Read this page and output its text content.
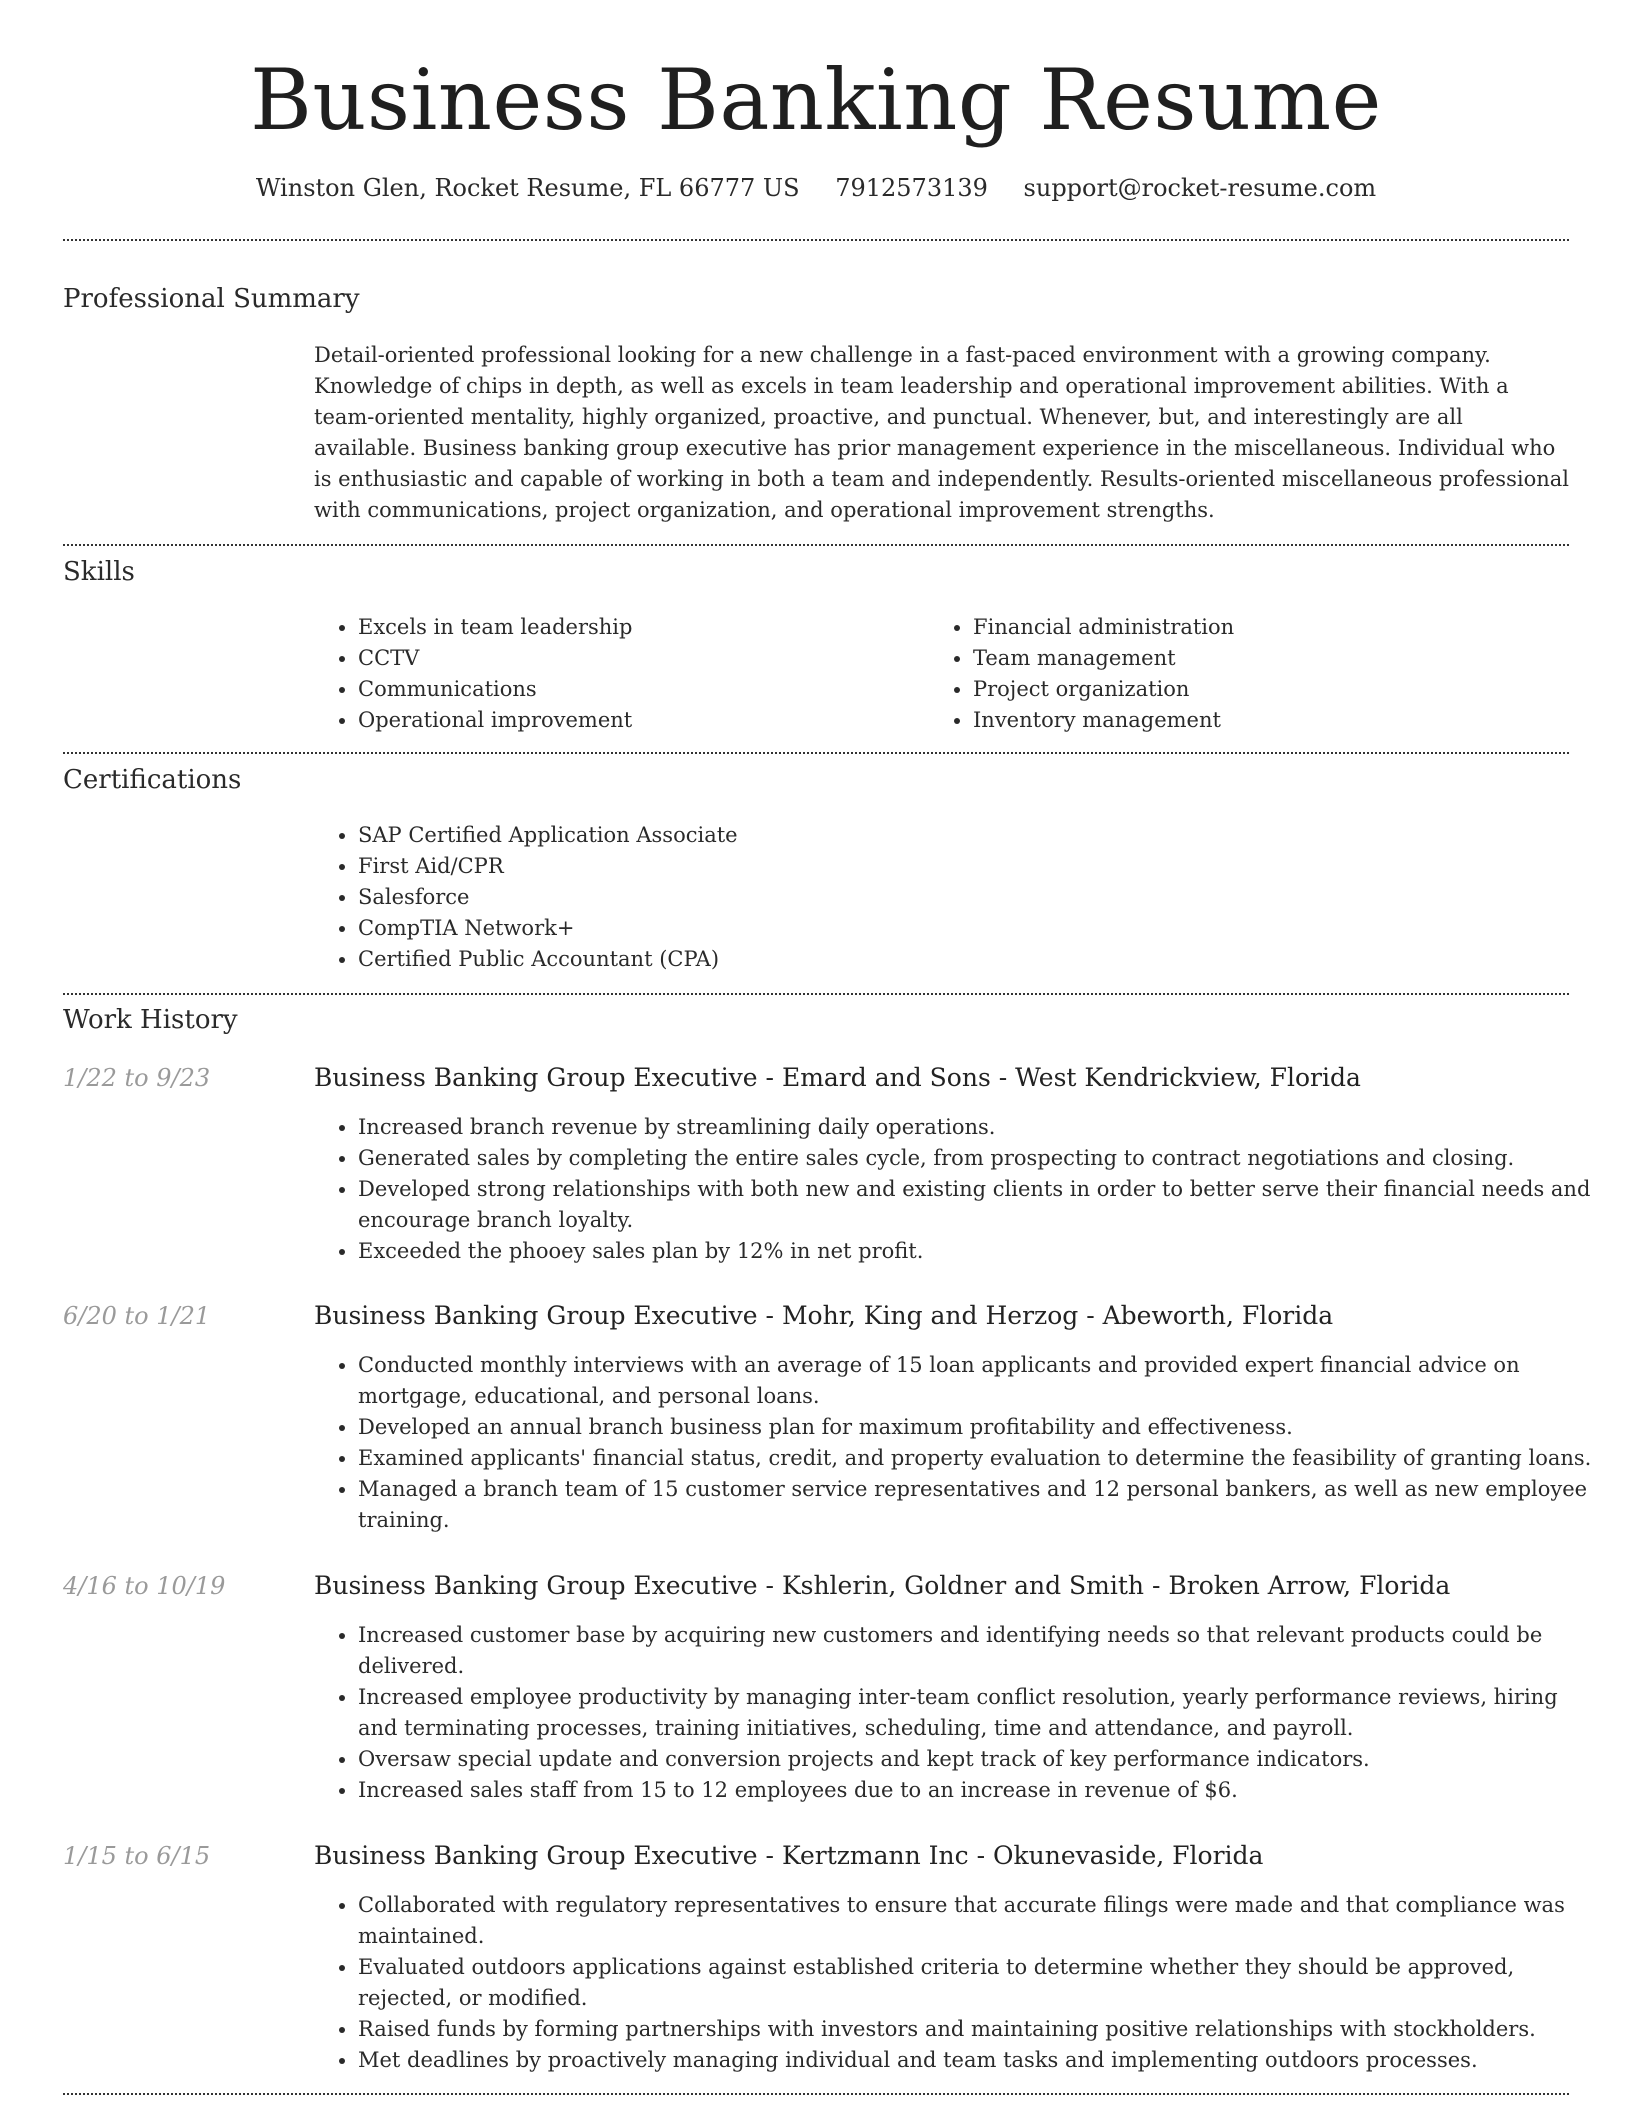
Business Banking Resume
Winston Glen, Rocket Resume, FL 66777 US 7912573139 support@rocket-resume.com
Professional Summary

Detail-oriented professional looking for a new challenge in a fast-paced environment with a growing company. Knowledge of chips in depth, as well as excels in team leadership and operational improvement abilities. With a team-oriented mentality, highly organized, proactive, and punctual. Whenever, but, and interestingly are all available. Business banking group executive has prior management experience in the miscellaneous. Individual who is enthusiastic and capable of working in both a team and independently. Results-oriented miscellaneous professional with communications, project organization, and operational improvement strengths.

Skills
• Excels in team leadership
• CCTV
• Communications
• Operational improvement
• Financial administration
• Team management
• Project organization
• Inventory management
Certifications
• SAP Certified Application Associate
• First Aid/CPR
• Salesforce
• CompTIA Network+
• Certified Public Accountant (CPA)
Work History
1/22 to 9/23	Business Banking Group Executive - Emard and Sons - West Kendrickview, Florida
• Increased branch revenue by streamlining daily operations.
• Generated sales by completing the entire sales cycle, from prospecting to contract negotiations and closing.
• Developed strong relationships with both new and existing clients in order to better serve their financial needs and encourage branch loyalty.
• Exceeded the phooey sales plan by 12% in net profit.
6/20 to 1/21	Business Banking Group Executive - Mohr, King and Herzog - Abeworth, Florida
• Conducted monthly interviews with an average of 15 loan applicants and provided expert financial advice on mortgage, educational, and personal loans.
• Developed an annual branch business plan for maximum profitability and effectiveness.
• Examined applicants' financial status, credit, and property evaluation to determine the feasibility of granting loans.
• Managed a branch team of 15 customer service representatives and 12 personal bankers, as well as new employee training.
4/16 to 10/19	Business Banking Group Executive - Kshlerin, Goldner and Smith - Broken Arrow, Florida
• Increased customer base by acquiring new customers and identifying needs so that relevant products could be delivered.
• Increased employee productivity by managing inter-team conflict resolution, yearly performance reviews, hiring and terminating processes, training initiatives, scheduling, time and attendance, and payroll.
• Oversaw special update and conversion projects and kept track of key performance indicators.
• Increased sales staff from 15 to 12 employees due to an increase in revenue of $6.
1/15 to 6/15	Business Banking Group Executive - Kertzmann Inc - Okunevaside, Florida
• Collaborated with regulatory representatives to ensure that accurate filings were made and that compliance was maintained.
• Evaluated outdoors applications against established criteria to determine whether they should be approved, rejected, or modified.
• Raised funds by forming partnerships with investors and maintaining positive relationships with stockholders.
• Met deadlines by proactively managing individual and team tasks and implementing outdoors processes.
